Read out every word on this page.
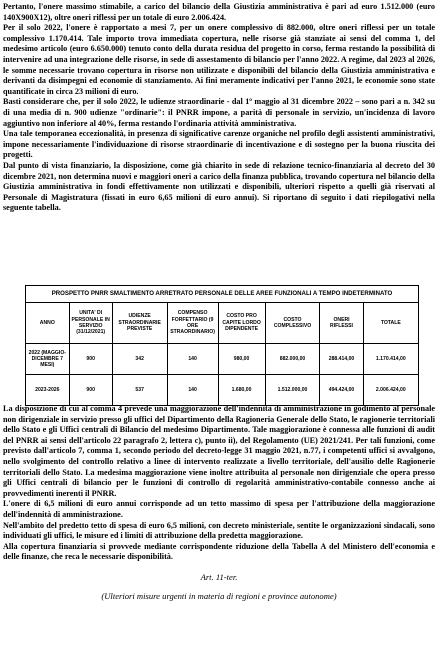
Pertanto, l'onere massimo stimabile, a carico del bilancio della Giustizia amministrativa è pari ad euro 1.512.000 (euro 140X900X12), oltre oneri riflessi per un totale di euro 2.006.424.

Per il solo 2022, l'onere è rapportato a mesi 7, per un onere complessivo di 882.000, oltre oneri riflessi per un totale complessivo 1.170.414. Tale importo trova immediata copertura, nelle risorse già stanziate ai sensi del comma 1, del medesimo articolo (euro 6.650.000) tenuto conto della durata residua del progetto in corso, ferma restando la possibilità di intervenire ad una integrazione delle risorse, in sede di assestamento di bilancio per l'anno 2022. A regime, dal 2023 al 2026, le somme necessarie trovano copertura in risorse non utilizzate e disponibili del bilancio della Giustizia amministrativa e derivanti da disimpegni ed economie di stanziamento. Ai fini meramente indicativi per l'anno 2021, le economie sono state quantificate in circa 23 milioni di euro.

Basti considerare che, per il solo 2022, le udienze straordinarie - dal 1º maggio al 31 dicembre 2022 – sono pari a n. 342 su di una media di n. 900 udienze "ordinarie": il PNRR impone, a parità di personale in servizio, un'incidenza di lavoro aggiuntivo non inferiore al 40%, ferma restando l'ordinaria attività amministrativa.

Una tale temporanea eccezionalità, in presenza di significative carenze organiche nel profilo degli assistenti amministrativi, impone necessariamente l'individuazione di risorse straordinarie di incentivazione e di sostegno per la buona riuscita dei progetti.

Dal punto di vista finanziario, la disposizione, come già chiarito in sede di relazione tecnico-finanziaria al decreto del 30 dicembre 2021, non determina nuovi e maggiori oneri a carico della finanza pubblica, trovando copertura nel bilancio della Giustizia amministrativa in fondi effettivamente non utilizzati e disponibili, ulteriori rispetto a quelli già riservati al Personale di Magistratura (fissati in euro 6,65 milioni di euro annui). Si riportano di seguito i dati riepilogativi nella seguente tabella.

PROSPETTO PNRR SMALTIMENTO ARRETRATO PERSONALE DELLE AREE FUNZIONALI A TEMPO INDETERMINATO
ANNO	UNITA' DI PERSONALE IN SERVIZIO (31/12/2021)	UDIENZE STRAORDINARIE PREVISTE	COMPENSO FORFETTARIO (9 ORE STRAORDINARIO)	COSTO PRO CAPITE LORDO DIPENDENTE	COSTO COMPLESSIVO	ONERI RIFLESSI	TOTALE
2022 (MAGGIO-DICEMBRE 7 MESI)	900	342	140	980,00	882.000,00	288.414,00	1.170.414,00
2023-2026	900	537	140	1.680,00	1.512.000,00	494.424,00	2.006.424,00

La disposizione di cui al comma 4 prevede una maggiorazione dell'indennità di amministrazione in godimento al personale non dirigenziale in servizio presso gli uffici del Dipartimento della Ragioneria Generale dello Stato, le ragionerie territoriali dello Stato e gli Uffici centrali di Bilancio del medesimo Dipartimento. Tale maggiorazione è connessa alle funzioni di audit del PNRR ai sensi dell'articolo 22 paragrafo 2, lettera c), punto ii), del Regolamento (UE) 2021/241. Per tali funzioni, come previsto dall'articolo 7, comma 1, secondo periodo del decreto-legge 31 maggio 2021, n.77, i competenti uffici si avvalgono, nello svolgimento del controllo relativo a linee di intervento realizzate a livello territoriale, dell'ausilio delle Ragionerie territoriali dello Stato. La medesima maggiorazione viene inoltre attribuita al personale non dirigenziale che opera presso gli Uffici centrali di bilancio per le funzioni di controllo di regolarità amministrativo-contabile connesso anche ai provvedimenti inerenti il PNRR.

L'onere di 6,5 milioni di euro annui corrisponde ad un tetto massimo di spesa per l'attribuzione della maggiorazione dell'indennità di amministrazione.

Nell'ambito del predetto tetto di spesa di euro 6,5 milioni, con decreto ministeriale, sentite le organizzazioni sindacali, sono individuati gli uffici, le misure ed i limiti di attribuzione della predetta maggiorazione.

Alla copertura finanziaria si provvede mediante corrispondente riduzione della Tabella A del Ministero dell'economia e delle finanze, che reca le necessarie disponibilità.

Art. 11-ter.
(Ulteriori misure urgenti in materia di regioni e province autonome)
